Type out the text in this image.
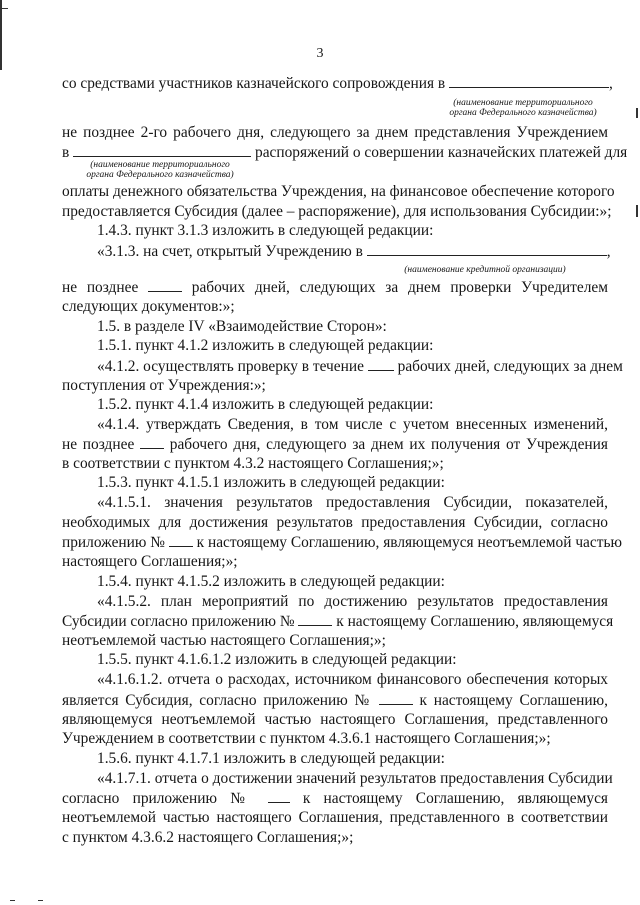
3
со средствами участников казначейского сопровождения в	,
(наименование территориального
органа Федерального казначейства)
не позднее 2-го рабочего дня, следующего за днем представления Учреждением
в	распоряжений о совершении казначейских платежей для
(наименование территориального
органа Федерального казначейства)
оплаты денежного обязательства Учреждения, на финансовое обеспечение которого
предоставляется Субсидия (далее – распоряжение), для использования Субсидии:»;
1.4.3. пункт 3.1.3 изложить в следующей редакции:
«3.1.3. на счет, открытый Учреждению в	,
(наименование кредитной организации)
не позднее	рабочих дней, следующих за днем проверки Учредителем
следующих документов:»;
1.5. в разделе IV «Взаимодействие Сторон»:
1.5.1. пункт 4.1.2 изложить в следующей редакции:
«4.1.2. осуществлять проверку в течение рабочих дней, следующих за днем
поступления от Учреждения:»;
1.5.2. пункт 4.1.4 изложить в следующей редакции:
«4.1.4. утверждать Сведения, в том числе с учетом внесенных изменений,
не позднее рабочего дня, следующего за днем их получения от Учреждения
в соответствии с пунктом 4.3.2 настоящего Соглашения;»;
1.5.3. пункт 4.1.5.1 изложить в следующей редакции:
«4.1.5.1. значения результатов предоставления Субсидии, показателей,
необходимых для достижения результатов предоставления Субсидии, согласно
приложению № к настоящему Соглашению, являющемуся неотъемлемой частью
настоящего Соглашения;»;
1.5.4. пункт 4.1.5.2 изложить в следующей редакции:
«4.1.5.2. план мероприятий по достижению результатов предоставления
Субсидии согласно приложению №	к настоящему Соглашению, являющемуся
неотъемлемой частью настоящего Соглашения;»;
1.5.5. пункт 4.1.6.1.2 изложить в следующей редакции:
«4.1.6.1.2. отчета о расходах, источником финансового обеспечения которых
является Субсидия, согласно приложению №	к настоящему Соглашению,
являющемуся неотъемлемой частью настоящего Соглашения, представленного
Учреждением в соответствии с пунктом 4.3.6.1 настоящего Соглашения;»;
1.5.6. пункт 4.1.7.1 изложить в следующей редакции:
«4.1.7.1. отчета о достижении значений результатов предоставления Субсидии
согласно приложению №	к настоящему Соглашению, являющемуся
неотъемлемой частью настоящего Соглашения, представленного в соответствии
с пунктом 4.3.6.2 настоящего Соглашения;»;
